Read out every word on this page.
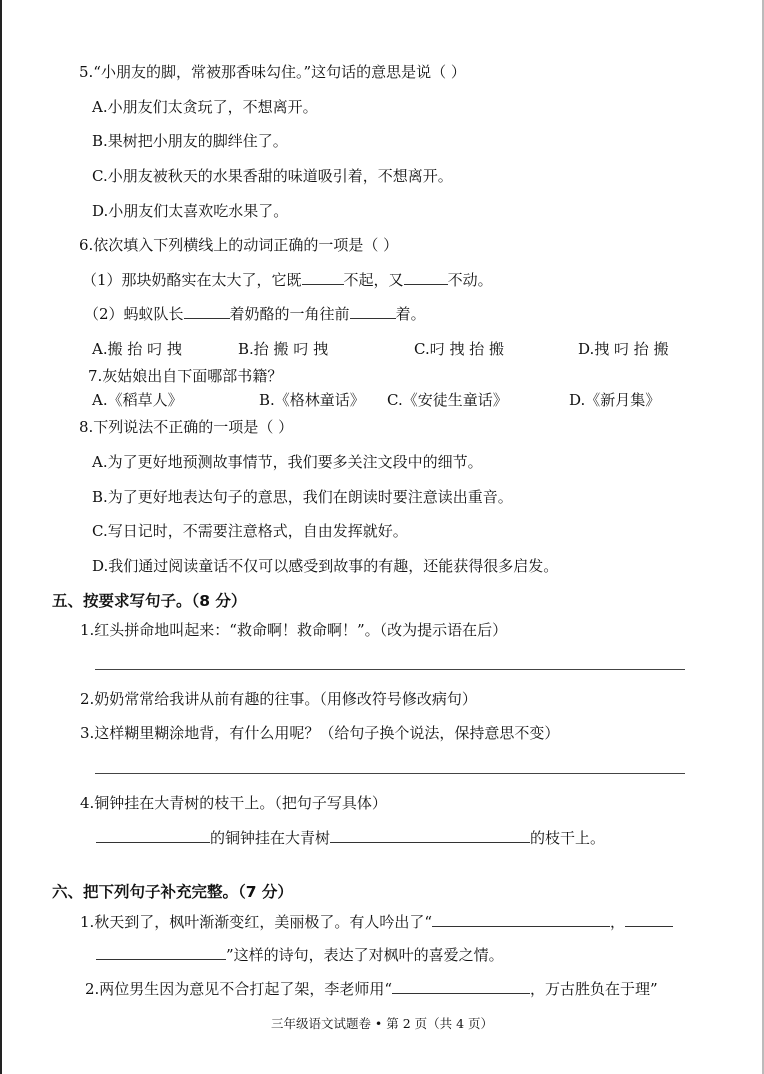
5.“小朋友的脚，常被那香味勾住。”这句话的意思是说（ ）
A.小朋友们太贪玩了，不想离开。
B.果树把小朋友的脚绊住了。
C.小朋友被秋天的水果香甜的味道吸引着，不想离开。
D.小朋友们太喜欢吃水果了。
6.依次填入下列横线上的动词正确的一项是（ ）
（1）那块奶酪实在太大了，它既	不起，又	不动。
（2）蚂蚁队长	着奶酪的一角往前	着。
A.搬 抬 叼 拽	B.抬 搬 叼 拽	C.叼 拽 抬 搬	D.拽 叼 抬 搬
7.灰姑娘出自下面哪部书籍？
A.《稻草人》	B.《格林童话》 C.《安徒生童话》	D.《新月集》
8.下列说法不正确的一项是（ ）
A.为了更好地预测故事情节，我们要多关注文段中的细节。
B.为了更好地表达句子的意思，我们在朗读时要注意读出重音。
C.写日记时，不需要注意格式，自由发挥就好。
D.我们通过阅读童话不仅可以感受到故事的有趣，还能获得很多启发。
五、按要求写句子。（8 分）
1.红头拼命地叫起来：“救命啊！救命啊！”。（改为提示语在后）
2.奶奶常常给我讲从前有趣的往事。（用修改符号修改病句）
3.这样糊里糊涂地背，有什么用呢？（给句子换个说法，保持意思不变）
4.铜钟挂在大青树的枝干上。（把句子写具体）
的铜钟挂在大青树	的枝干上。
六、把下列句子补充完整。（7 分）
1.秋天到了，枫叶渐渐变红，美丽极了。有人吟出了“	，
”这样的诗句，表达了对枫叶的喜爱之情。
2.两位男生因为意见不合打起了架，李老师用“	，万古胜负在于理”
三年级语文试题卷 • 第 2 页（共 4 页）
